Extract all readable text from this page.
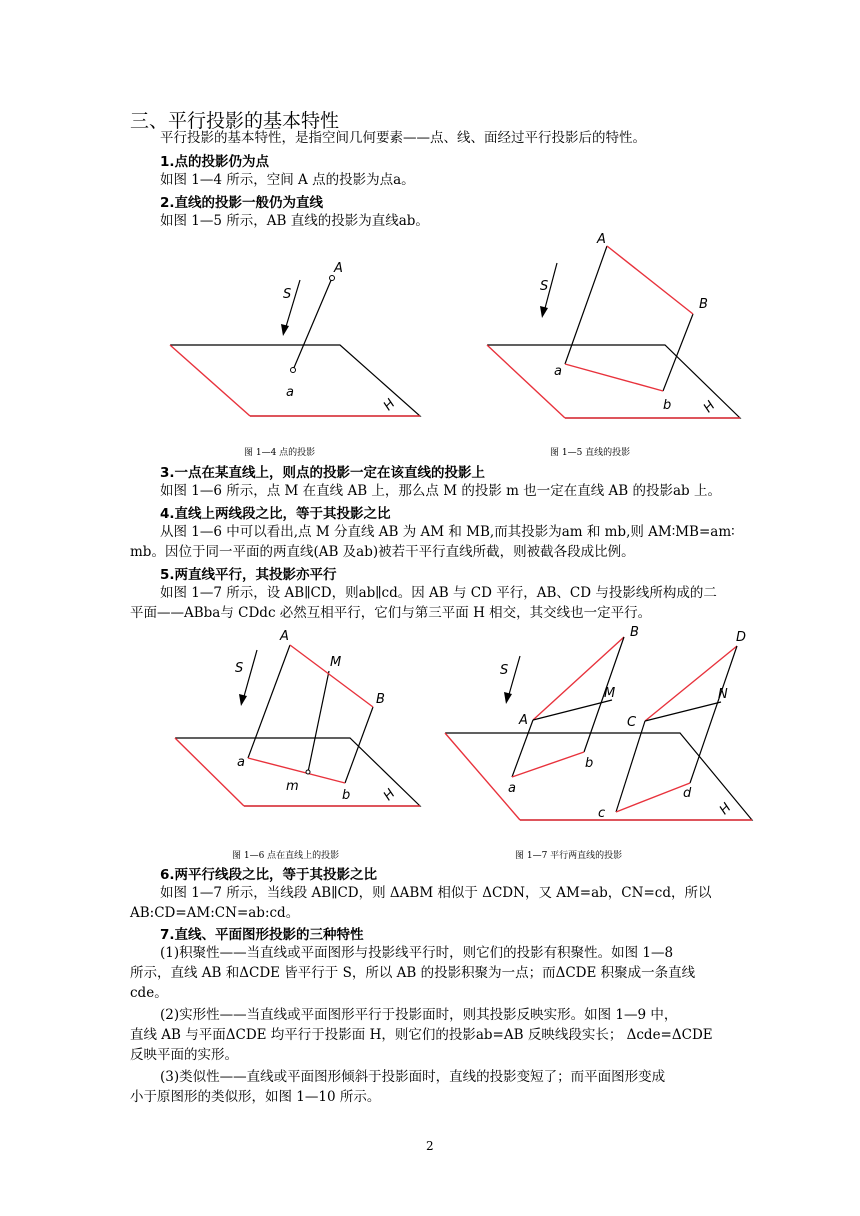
三、平行投影的基本特性
平行投影的基本特性，是指空间几何要素——点、线、面经过平行投影后的特性。
1.点的投影仍为点
如图 1—4 所示，空间 A 点的投影为点a。
2.直线的投影一般仍为直线
如图 1—5 所示，AB 直线的投影为直线ab。
S
A
a
H
S
A
B
a
b H
图 1—4 点的投影	图 1—5 直线的投影
3.一点在某直线上，则点的投影一定在该直线的投影上
如图 1—6 所示，点 M 在直线 AB 上，那么点 M 的投影 m 也一定在直线 AB 的投影ab 上。
4.直线上两线段之比，等于其投影之比
从图 1—6 中可以看出,点 M 分直线 AB 为 AM 和 MB,而其投影为am 和 mb,则 AM∶MB=am∶
mb。因位于同一平面的两直线(AB 及ab)被若干平行直线所截，则被截各段成比例。
5.两直线平行，其投影亦平行
如图 1—7 所示，设 AB∥CD，则ab∥cd。因 AB 与 CD 平行，AB、CD 与投影线所构成的二
平面——ABba与 CDdc 必然互相平行，它们与第三平面 H 相交，其交线也一定平行。
S
A
M
B
a
m
b H
S
B
M
A
b
a
D
N
C
d
c	H
图 1—6 点在直线上的投影	图 1—7 平行两直线的投影
6.两平行线段之比，等于其投影之比
如图 1—7 所示，当线段 AB∥CD，则 ΔABM 相似于 ΔCDN，又 AM=ab，CN=cd，所以
AB:CD=AM:CN=ab:cd。
7.直线、平面图形投影的三种特性
(1)积聚性——当直线或平面图形与投影线平行时，则它们的投影有积聚性。如图 1—8
所示，直线 AB 和ΔCDE 皆平行于 S，所以 AB 的投影积聚为一点；而ΔCDE 积聚成一条直线
cde。
(2)实形性——当直线或平面图形平行于投影面时，则其投影反映实形。如图 1—9 中，
直线 AB 与平面ΔCDE 均平行于投影面 H，则它们的投影ab=AB 反映线段实长； Δcde=ΔCDE
反映平面的实形。
(3)类似性——直线或平面图形倾斜于投影面时，直线的投影变短了；而平面图形变成
小于原图形的类似形，如图 1—10 所示。
2
